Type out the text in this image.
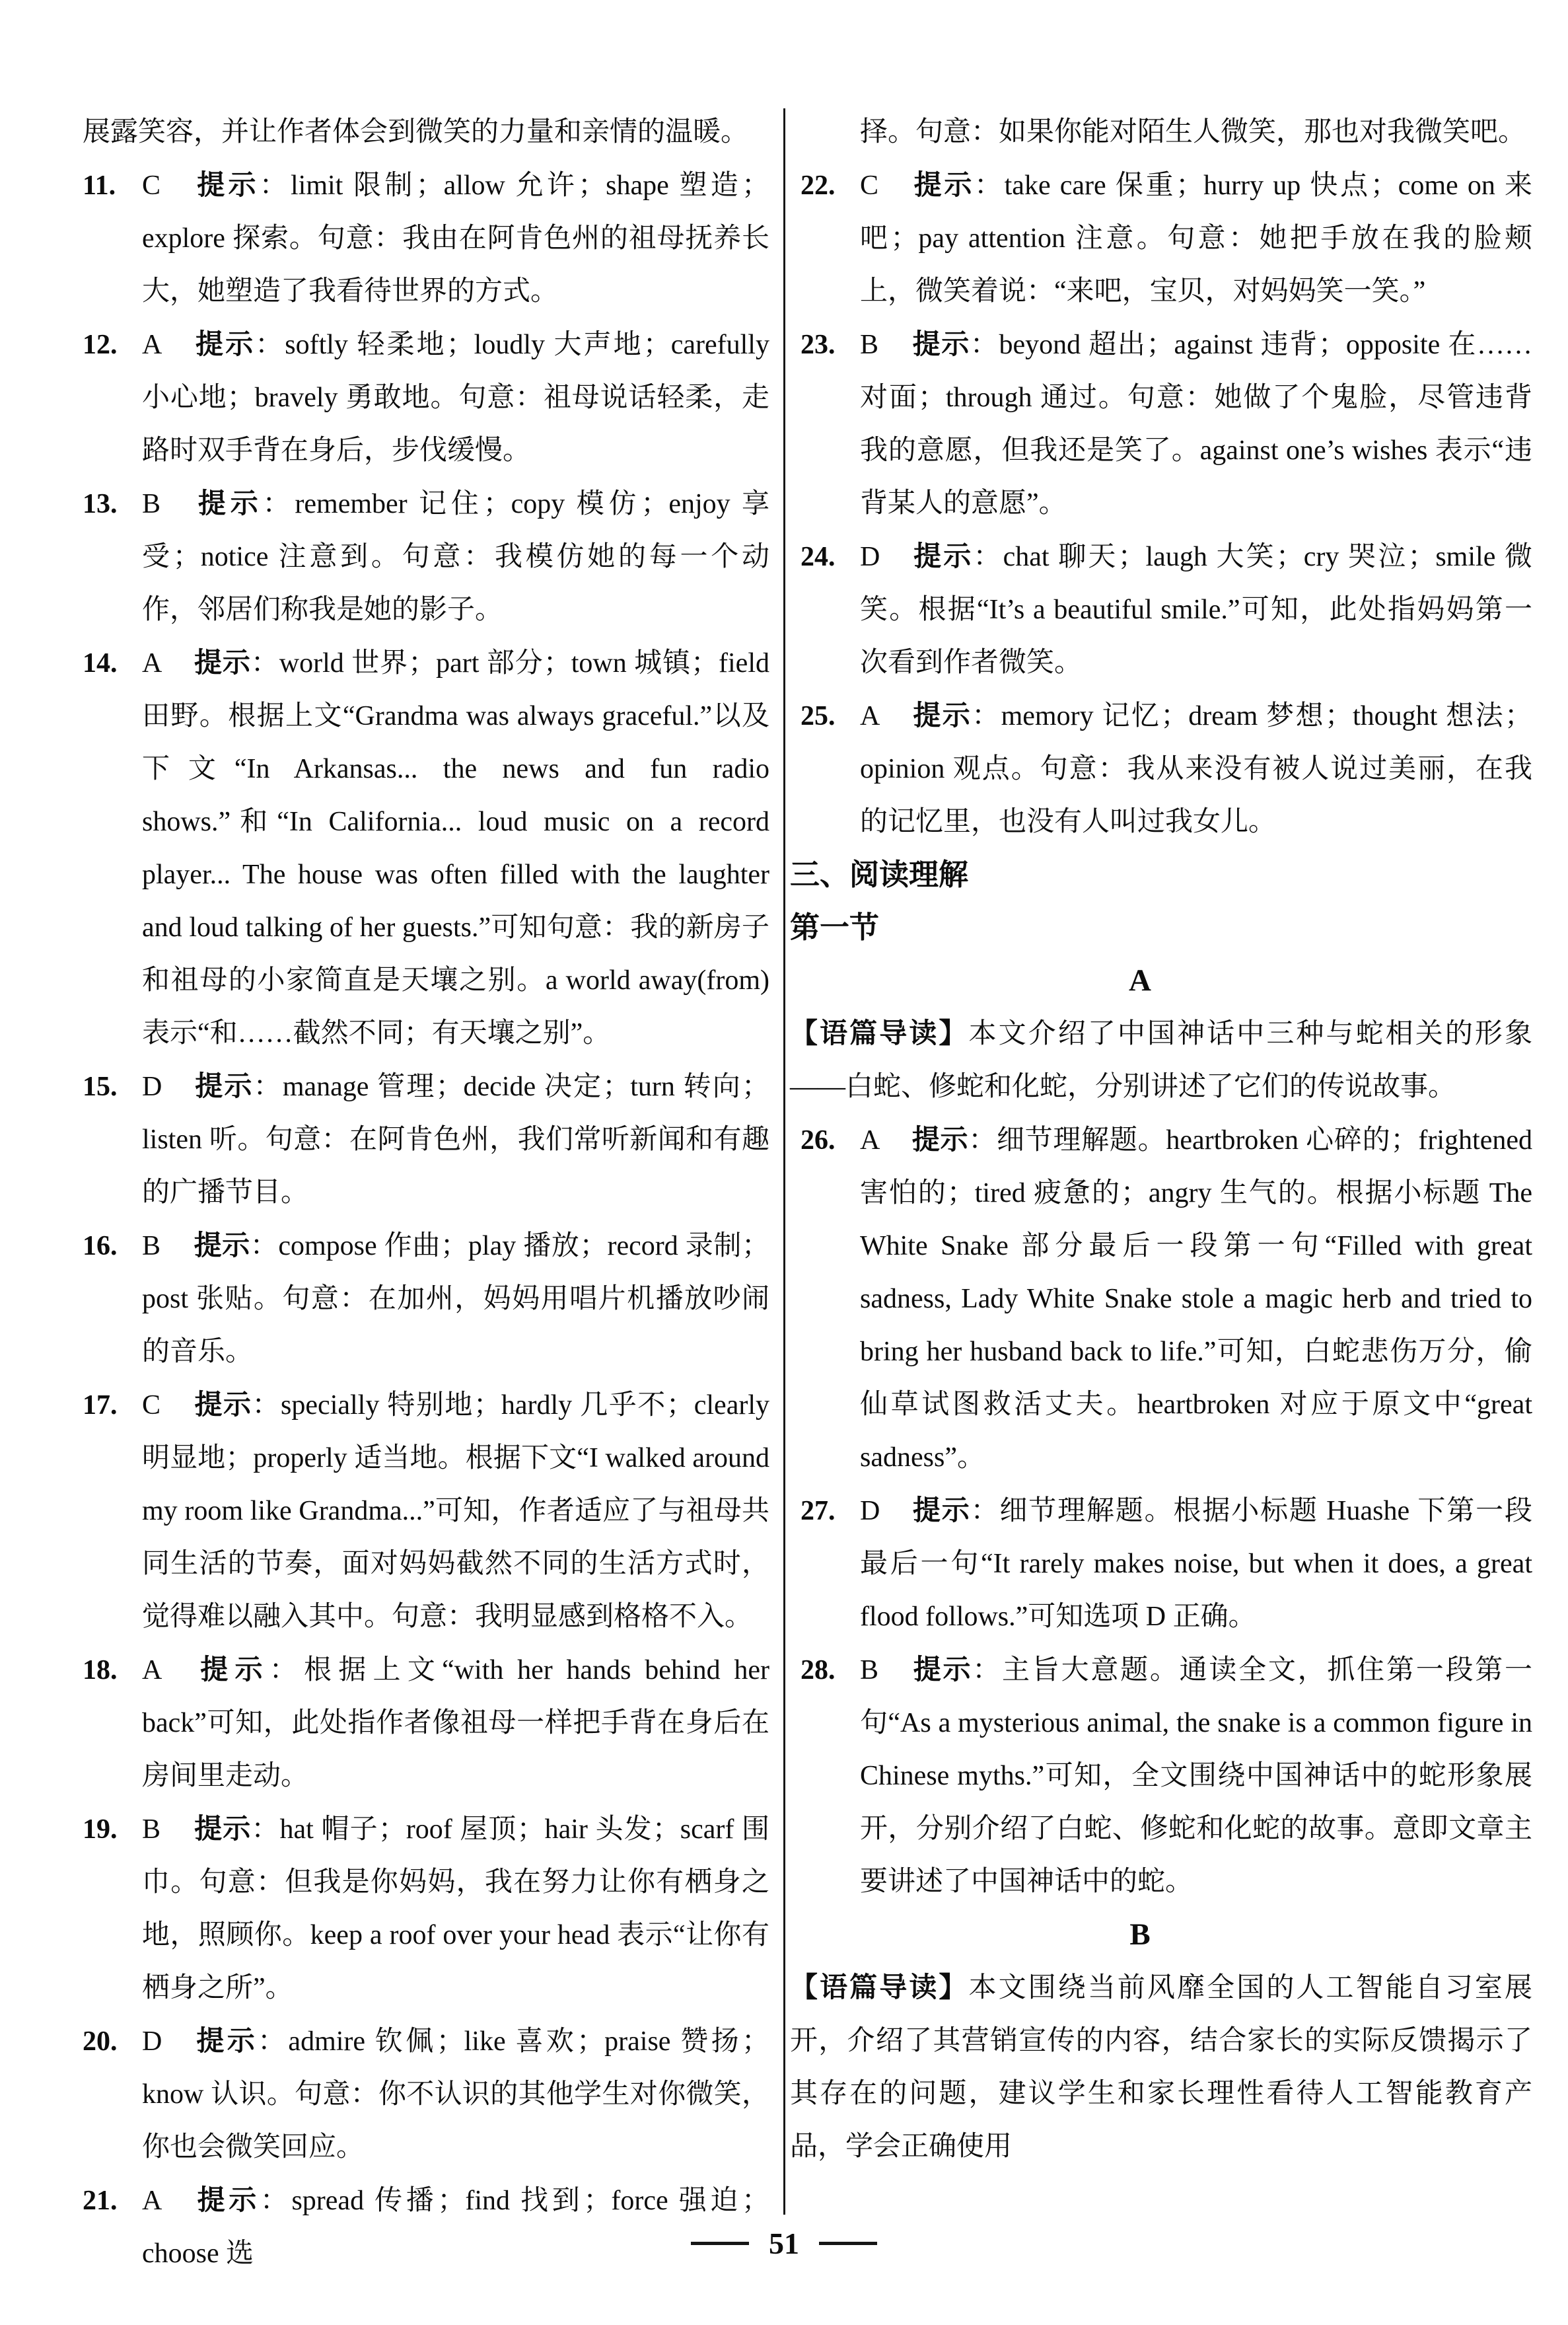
展露笑容，并让作者体会到微笑的力量和亲情的温暖。

11. C 提示：limit 限制；allow 允许；shape 塑造；explore 探索。句意：我由在阿肯色州的祖母抚养长大，她塑造了我看待世界的方式。

12. A 提示：softly 轻柔地；loudly 大声地；carefully 小心地；bravely 勇敢地。句意：祖母说话轻柔，走路时双手背在身后，步伐缓慢。

13. B 提示：remember 记住；copy 模仿；enjoy 享受；notice 注意到。句意：我模仿她的每一个动作，邻居们称我是她的影子。

14. A 提示：world 世界；part 部分；town 城镇；field 田野。根据上文“Grandma was always graceful.”以及下文“In Arkansas... the news and fun radio shows.”和“In California... loud music on a record player... The house was often filled with the laughter and loud talking of her guests.”可知句意：我的新房子和祖母的小家简直是天壤之别。a world away(from)表示“和……截然不同；有天壤之别”。

15. D 提示：manage 管理；decide 决定；turn 转向；listen 听。句意：在阿肯色州，我们常听新闻和有趣的广播节目。

16. B 提示：compose 作曲；play 播放；record 录制；post 张贴。句意：在加州，妈妈用唱片机播放吵闹的音乐。

17. C 提示：specially 特别地；hardly 几乎不；clearly 明显地；properly 适当地。根据下文“I walked around my room like Grandma...”可知，作者适应了与祖母共同生活的节奏，面对妈妈截然不同的生活方式时，觉得难以融入其中。句意：我明显感到格格不入。

18. A 提示：根据上文“with her hands behind her back”可知，此处指作者像祖母一样把手背在身后在房间里走动。

19. B 提示：hat 帽子；roof 屋顶；hair 头发；scarf 围巾。句意：但我是你妈妈，我在努力让你有栖身之地，照顾你。keep a roof over your head 表示“让你有栖身之所”。

20. D 提示：admire 钦佩；like 喜欢；praise 赞扬；know 认识。句意：你不认识的其他学生对你微笑，你也会微笑回应。

21. A 提示：spread 传播；find 找到；force 强迫；choose 选

择。句意：如果你能对陌生人微笑，那也对我微笑吧。

22. C 提示：take care 保重；hurry up 快点；come on 来吧；pay attention 注意。句意：她把手放在我的脸颊上，微笑着说：“来吧，宝贝，对妈妈笑一笑。”

23. B 提示：beyond 超出；against 违背；opposite 在……对面；through 通过。句意：她做了个鬼脸，尽管违背我的意愿，但我还是笑了。against one’s wishes 表示“违背某人的意愿”。

24. D 提示：chat 聊天；laugh 大笑；cry 哭泣；smile 微笑。根据“It’s a beautiful smile.”可知，此处指妈妈第一次看到作者微笑。

25. A 提示：memory 记忆；dream 梦想；thought 想法；opinion 观点。句意：我从来没有被人说过美丽，在我的记忆里，也没有人叫过我女儿。

三、阅读理解
第一节
A

【语篇导读】本文介绍了中国神话中三种与蛇相关的形象——白蛇、修蛇和化蛇，分别讲述了它们的传说故事。

26. A 提示：细节理解题。heartbroken 心碎的；frightened 害怕的；tired 疲惫的；angry 生气的。根据小标题 The White Snake 部分最后一段第一句“Filled with great sadness, Lady White Snake stole a magic herb and tried to bring her husband back to life.”可知，白蛇悲伤万分，偷仙草试图救活丈夫。heartbroken 对应于原文中“great sadness”。

27. D 提示：细节理解题。根据小标题 Huashe 下第一段最后一句“It rarely makes noise, but when it does, a great flood follows.”可知选项 D 正确。

28. B 提示：主旨大意题。通读全文，抓住第一段第一句“As a mysterious animal, the snake is a common figure in Chinese myths.”可知，全文围绕中国神话中的蛇形象展开，分别介绍了白蛇、修蛇和化蛇的故事。意即文章主要讲述了中国神话中的蛇。

B

【语篇导读】本文围绕当前风靡全国的人工智能自习室展开，介绍了其营销宣传的内容，结合家长的实际反馈揭示了其存在的问题，建议学生和家长理性看待人工智能教育产品，学会正确使用

51
